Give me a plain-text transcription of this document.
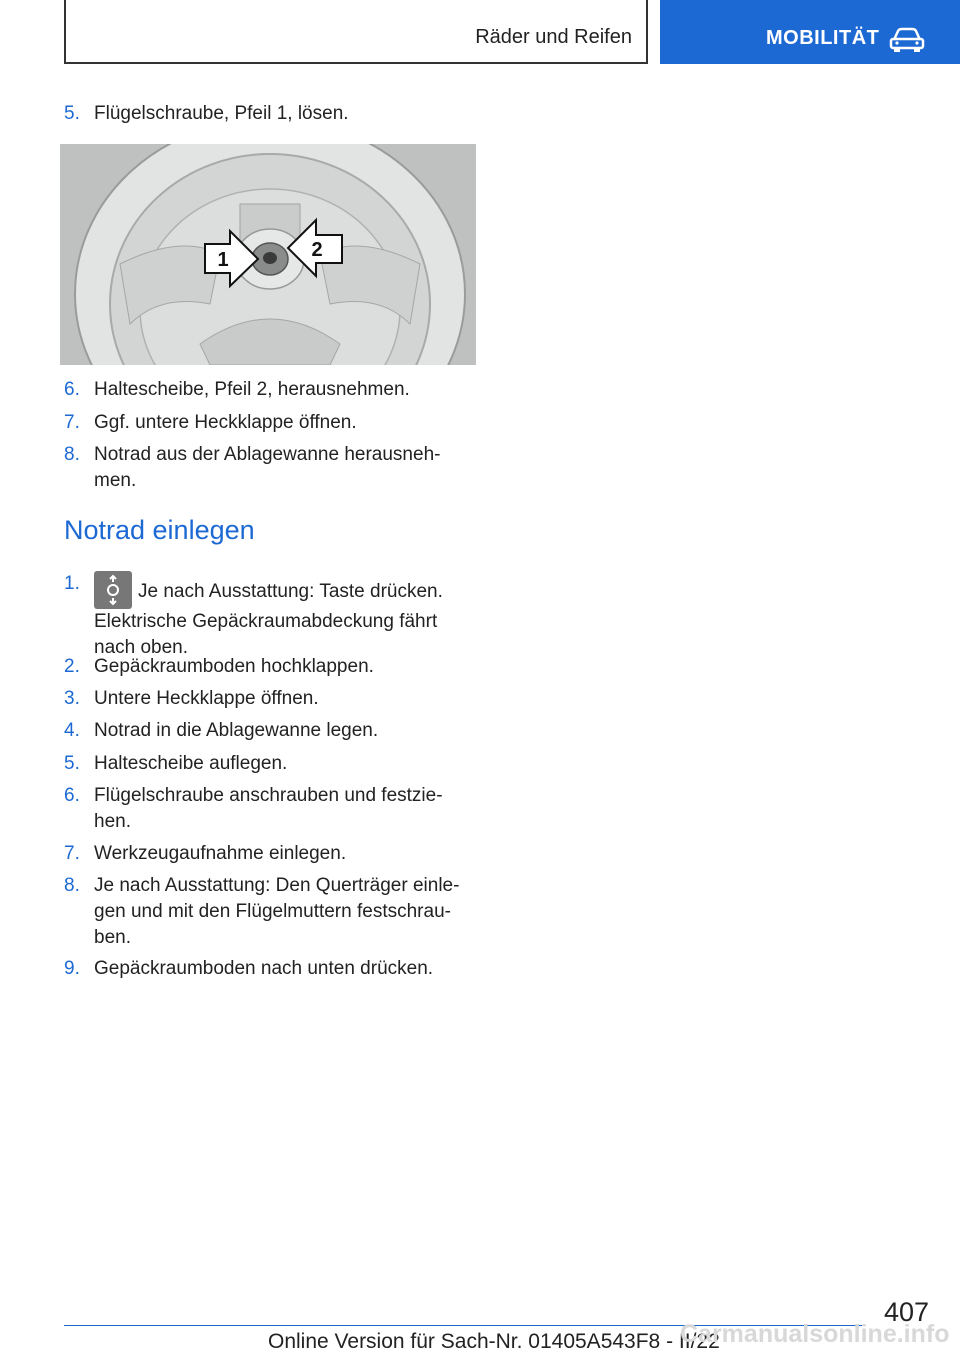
Räder und Reifen	MOBILITÄT
5. Flügelschraube, Pfeil 1, lösen.
1	2
6. Haltescheibe, Pfeil 2, herausnehmen.
7. Ggf. untere Heckklappe öffnen.
8. Notrad aus der Ablagewanne herausneh-men.
Notrad einlegen
1.	Je nach Ausstattung: Taste drücken. Elektrische Gepäckraumabdeckung fährt nach oben.
2. Gepäckraumboden hochklappen.
3. Untere Heckklappe öffnen.
4. Notrad in die Ablagewanne legen.
5. Haltescheibe auflegen.
6. Flügelschraube anschrauben und festzie-hen.
7. Werkzeugaufnahme einlegen.
8. Je nach Ausstattung: Den Querträger einle-gen und mit den Flügelmuttern festschrau-ben.
9. Gepäckraumboden nach unten drücken.
407
Online Version für Sach-Nr. 01405A543F8 - II/22
Carmanualsonline.info
